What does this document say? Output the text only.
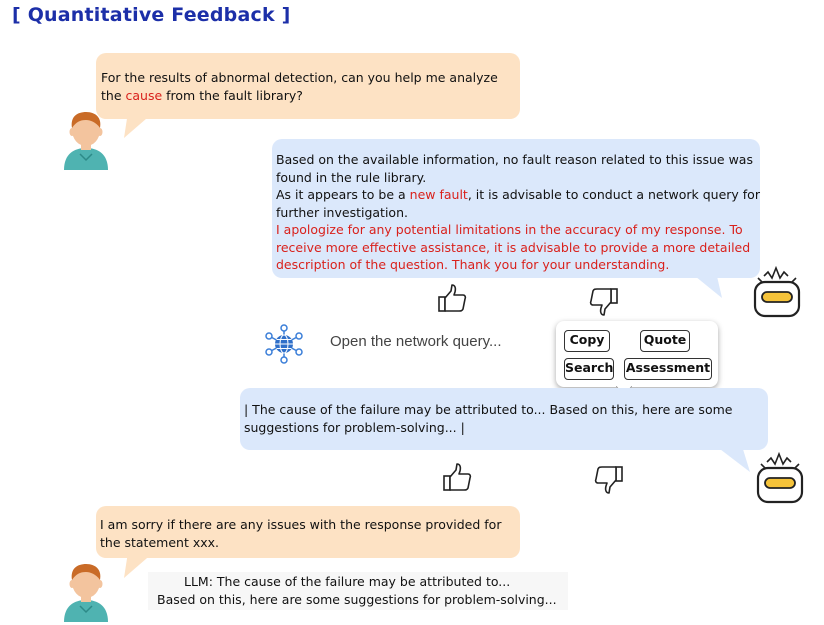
[ Quantitative Feedback ]
For the results of abnormal detection, can you help me analyze
the cause from the fault library?
Based on the available information, no fault reason related to this issue was
found in the rule library.
As it appears to be a new fault, it is advisable to conduct a network query for
further investigation.
I apologize for any potential limitations in the accuracy of my response. To
receive more effective assistance, it is advisable to provide a more detailed
description of the question. Thank you for your understanding.
Open the network query...	Copy	Quote
Search Assessment
| The cause of the failure may be attributed to... Based on this, here are some
suggestions for problem-solving... |
I am sorry if there are any issues with the response provided for
the statement xxx.
LLM: The cause of the failure may be attributed to...
Based on this, here are some suggestions for problem-solving...
